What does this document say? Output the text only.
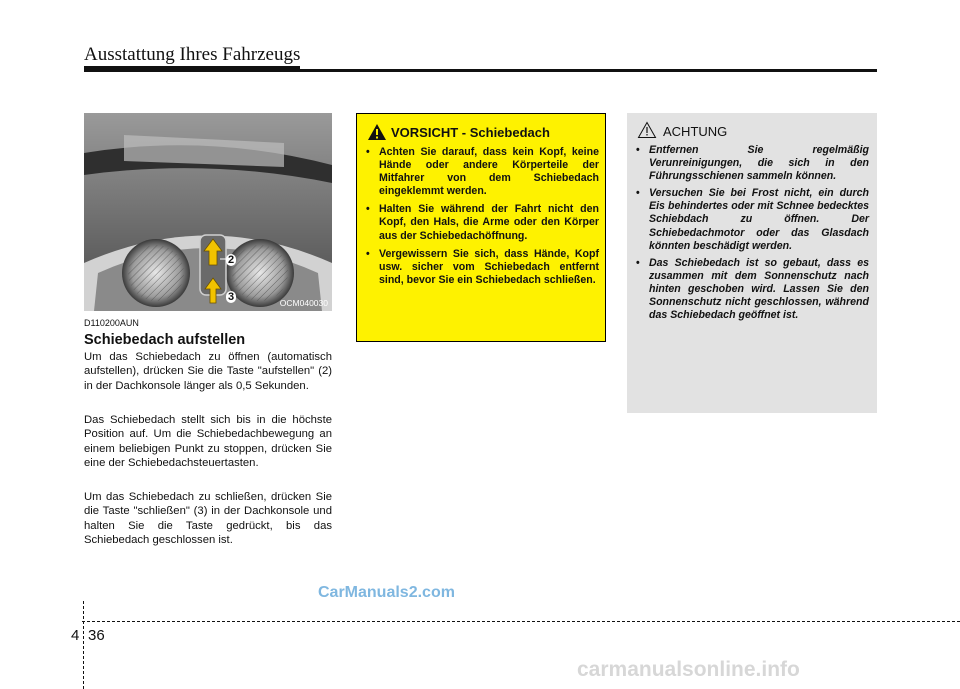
Ausstattung Ihres Fahrzeugs
2
3	OCM040030
D110200AUN
Schiebedach aufstellen

Um das Schiebedach zu öffnen (automatisch aufstellen), drücken Sie die Taste "aufstellen" (2) in der Dachkonsole länger als 0,5 Sekunden.

Das Schiebedach stellt sich bis in die höchste Position auf. Um die Schiebedachbewegung an einem beliebigen Punkt zu stoppen, drücken Sie eine der Schiebedachsteuertasten.

Um das Schiebedach zu schließen, drücken Sie die Taste "schließen" (3) in der Dachkonsole und halten Sie die Taste gedrückt, bis das Schiebedach geschlossen ist.

VORSICHT - Schiebedach
• Achten Sie darauf, dass kein Kopf, keine Hände oder andere Körperteile der Mitfahrer von dem Schiebedach eingeklemmt werden.
• Halten Sie während der Fahrt nicht den Kopf, den Hals, die Arme oder den Körper aus der Schiebedachöffnung.
• Vergewissern Sie sich, dass Hände, Kopf usw. sicher vom Schiebedach entfernt sind, bevor Sie ein Schiebedach schließen.
ACHTUNG
• Entfernen Sie regelmäßig Verunreinigungen, die sich in den Führungsschienen sammeln können.
• Versuchen Sie bei Frost nicht, ein durch Eis behindertes oder mit Schnee bedecktes Schiebdach zu öffnen. Der Schiebedachmotor oder das Glasdach könnten beschädigt werden.
• Das Schiebedach ist so gebaut, dass es zusammen mit dem Sonnenschutz nach hinten geschoben wird. Lassen Sie den Sonnenschutz nicht geschlossen, während das Schiebedach geöffnet ist.
CarManuals2.com
4 36
carmanualsonline.info
